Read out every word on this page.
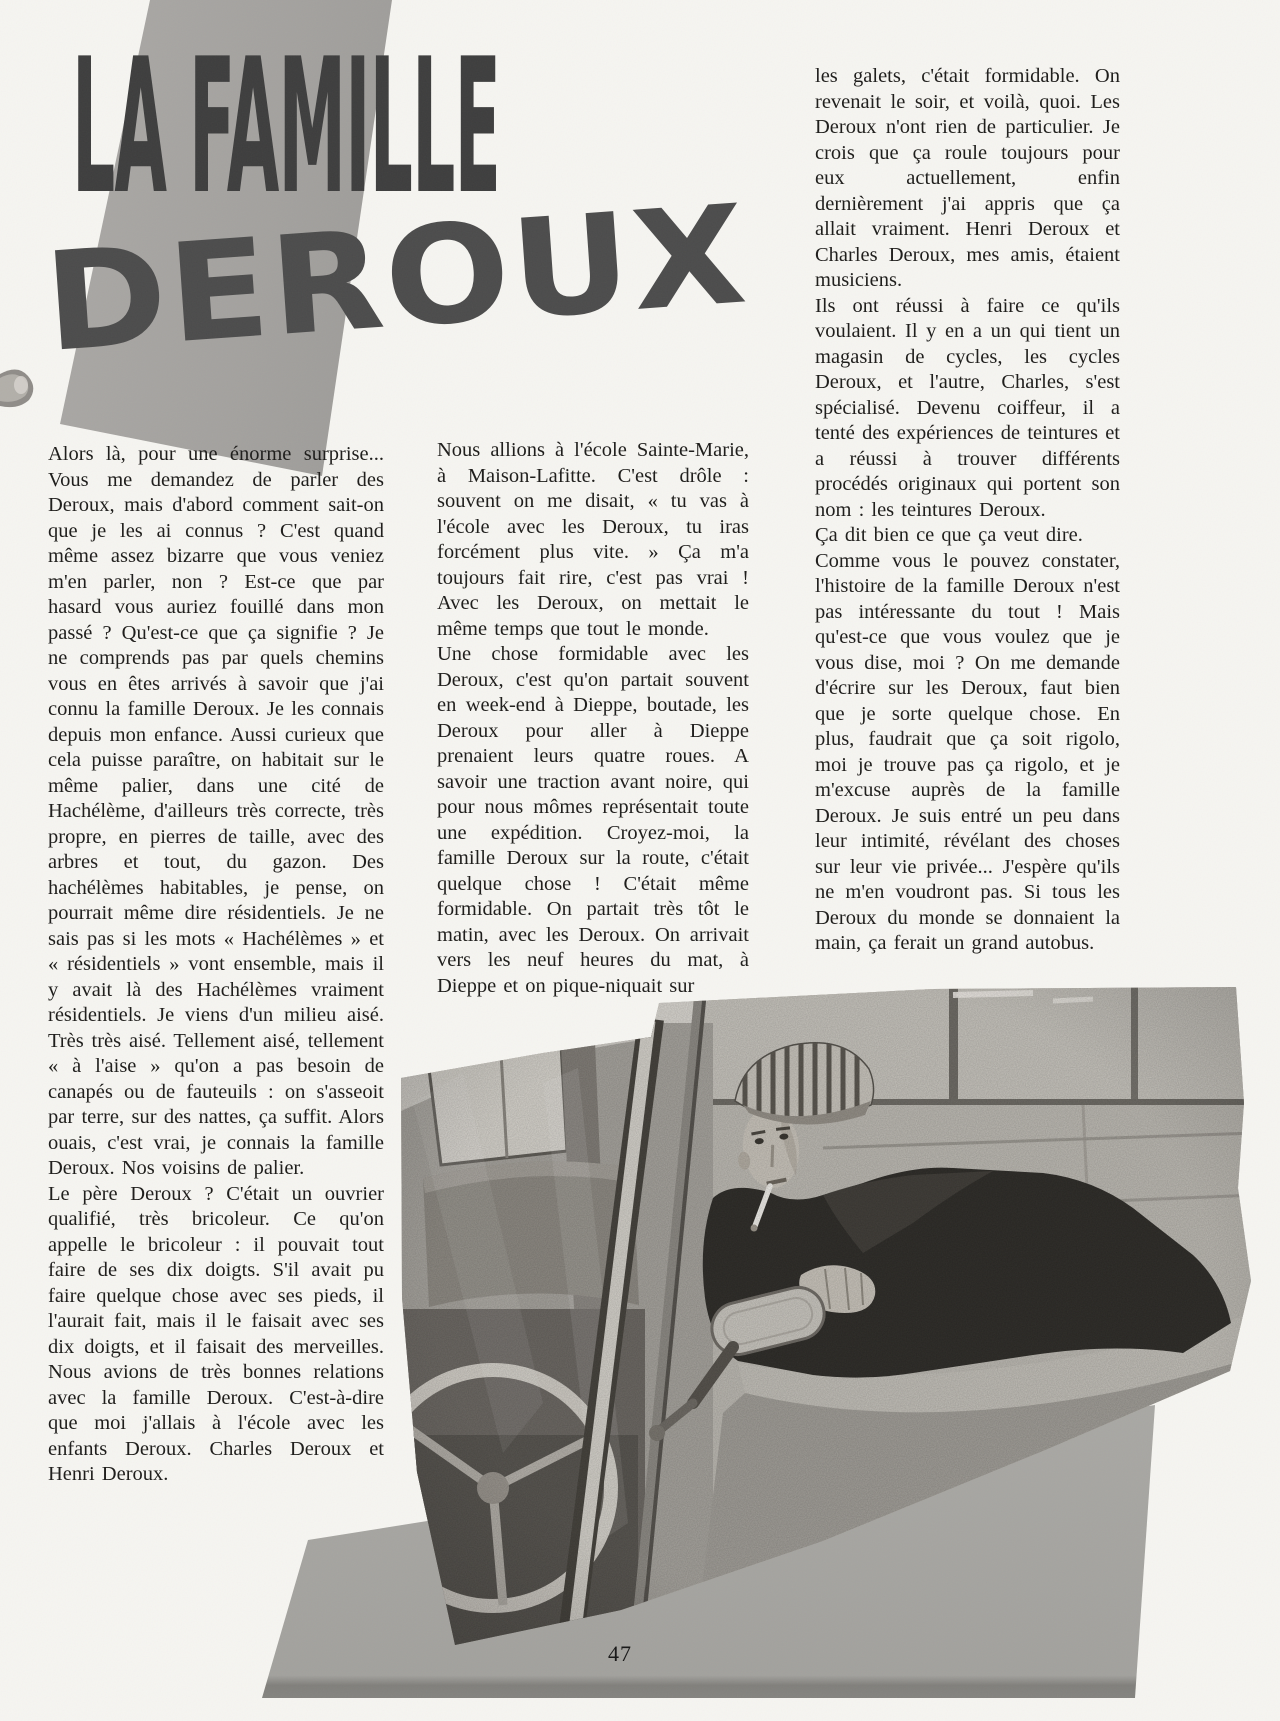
LA FAMILLE
DEROUX

Alors là, pour une énorme surprise... Vous me demandez de parler des Deroux, mais d'abord comment sait-on que je les ai connus ? C'est quand même assez bizarre que vous veniez m'en parler, non ? Est-ce que par hasard vous auriez fouillé dans mon passé ? Qu'est-ce que ça signifie ? Je ne comprends pas par quels chemins vous en êtes arrivés à savoir que j'ai connu la famille Deroux. Je les connais depuis mon enfance. Aussi curieux que cela puisse paraître, on habitait sur le même palier, dans une cité de Hachélème, d'ailleurs très correcte, très propre, en pierres de taille, avec des arbres et tout, du gazon. Des hachélèmes habitables, je pense, on pourrait même dire résidentiels. Je ne sais pas si les mots « Hachélèmes » et « résidentiels » vont ensemble, mais il y avait là des Hachélèmes vraiment résidentiels. Je viens d'un milieu aisé. Très très aisé. Tellement aisé, tellement « à l'aise » qu'on a pas besoin de canapés ou de fauteuils : on s'asseoit par terre, sur des nattes, ça suffit. Alors ouais, c'est vrai, je connais la famille Deroux. Nos voisins de palier.

Le père Deroux ? C'était un ouvrier qualifié, très bricoleur. Ce qu'on appelle le bricoleur : il pouvait tout faire de ses dix doigts. S'il avait pu faire quelque chose avec ses pieds, il l'aurait fait, mais il le faisait avec ses dix doigts, et il faisait des merveilles. Nous avions de très bonnes relations avec la famille Deroux. C'est-à-dire que moi j'allais à l'école avec les enfants Deroux. Charles Deroux et Henri Deroux.

Nous allions à l'école Sainte-Marie, à Maison-Lafitte. C'est drôle : souvent on me disait, « tu vas à l'école avec les Deroux, tu iras forcément plus vite. » Ça m'a toujours fait rire, c'est pas vrai ! Avec les Deroux, on mettait le même temps que tout le monde.

Une chose formidable avec les Deroux, c'est qu'on partait souvent en week-end à Dieppe, boutade, les Deroux pour aller à Dieppe prenaient leurs quatre roues. A savoir une traction avant noire, qui pour nous mômes représentait toute une expédition. Croyez-moi, la famille Deroux sur la route, c'était quelque chose ! C'était même formidable. On partait très tôt le matin, avec les Deroux. On arrivait vers les neuf heures du mat, à Dieppe et on pique-niquait sur

les galets, c'était formidable. On revenait le soir, et voilà, quoi. Les Deroux n'ont rien de particulier. Je crois que ça roule toujours pour eux actuellement, enfin dernièrement j'ai appris que ça allait vraiment. Henri Deroux et Charles Deroux, mes amis, étaient musiciens.

Ils ont réussi à faire ce qu'ils voulaient. Il y en a un qui tient un magasin de cycles, les cycles Deroux, et l'autre, Charles, s'est spécialisé. Devenu coiffeur, il a tenté des expériences de teintures et a réussi à trouver différents procédés originaux qui portent son nom : les teintures Deroux.

Ça dit bien ce que ça veut dire.

Comme vous le pouvez constater, l'histoire de la famille Deroux n'est pas intéressante du tout ! Mais qu'est-ce que vous voulez que je vous dise, moi ? On me demande d'écrire sur les Deroux, faut bien que je sorte quelque chose. En plus, faudrait que ça soit rigolo, moi je trouve pas ça rigolo, et je m'excuse auprès de la famille Deroux. Je suis entré un peu dans leur intimité, révélant des choses sur leur vie privée... J'espère qu'ils ne m'en voudront pas. Si tous les Deroux du monde se donnaient la main, ça ferait un grand autobus.

47
